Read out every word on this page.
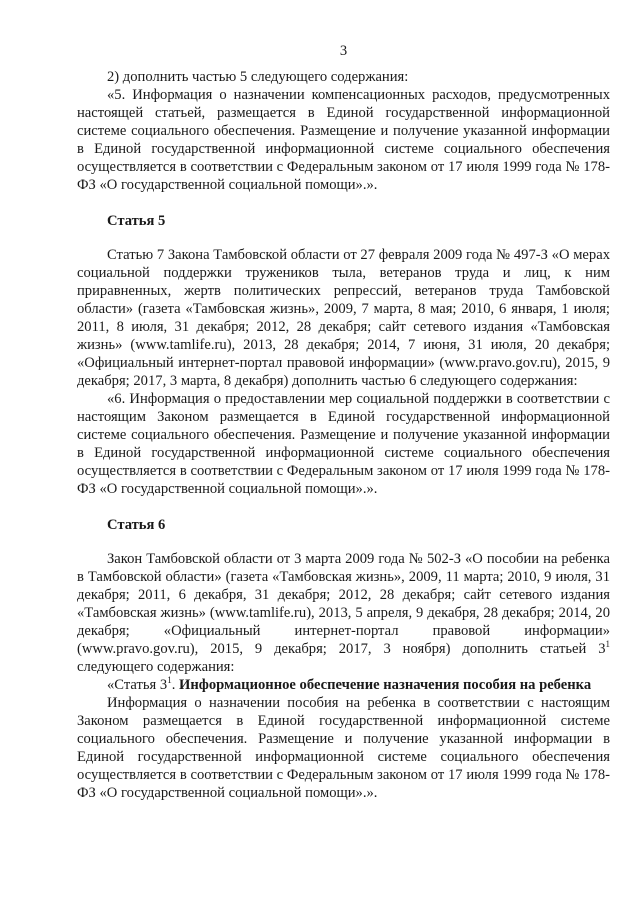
3

2) дополнить частью 5 следующего содержания:

«5. Информация о назначении компенсационных расходов, предусмотренных настоящей статьей, размещается в Единой государственной информационной системе социального обеспечения. Размещение и получение указанной информации в Единой государственной информационной системе социального обеспечения осуществляется в соответствии с Федеральным законом от 17 июля 1999 года № 178-ФЗ «О государственной социальной помощи».».

Статья 5

Статью 7 Закона Тамбовской области от 27 февраля 2009 года № 497-З «О мерах социальной поддержки тружеников тыла, ветеранов труда и лиц, к ним приравненных, жертв политических репрессий, ветеранов труда Тамбовской области» (газета «Тамбовская жизнь», 2009, 7 марта, 8 мая; 2010, 6 января, 1 июля; 2011, 8 июля, 31 декабря; 2012, 28 декабря; сайт сетевого издания «Тамбовская жизнь» (www.tamlife.ru), 2013, 28 декабря; 2014, 7 июня, 31 июля, 20 декабря; «Официальный интернет-портал правовой информации» (www.pravo.gov.ru), 2015, 9 декабря; 2017, 3 марта, 8 декабря) дополнить частью 6 следующего содержания:

«6. Информация о предоставлении мер социальной поддержки в соответствии с настоящим Законом размещается в Единой государственной информационной системе социального обеспечения. Размещение и получение указанной информации в Единой государственной информационной системе социального обеспечения осуществляется в соответствии с Федеральным законом от 17 июля 1999 года № 178-ФЗ «О государственной социальной помощи».».

Статья 6

Закон Тамбовской области от 3 марта 2009 года № 502-З «О пособии на ребенка в Тамбовской области» (газета «Тамбовская жизнь», 2009, 11 марта; 2010, 9 июля, 31 декабря; 2011, 6 декабря, 31 декабря; 2012, 28 декабря; сайт сетевого издания «Тамбовская жизнь» (www.tamlife.ru), 2013, 5 апреля, 9 декабря, 28 декабря; 2014, 20 декабря; «Официальный интернет-портал правовой информации» (www.pravo.gov.ru), 2015, 9 декабря; 2017, 3 ноября) дополнить статьей $3^1$ следующего содержания:

«Статья $3^1$. Информационное обеспечение назначения пособия на ребенка

Информация о назначении пособия на ребенка в соответствии с настоящим Законом размещается в Единой государственной информационной системе социального обеспечения. Размещение и получение указанной информации в Единой государственной информационной системе социального обеспечения осуществляется в соответствии с Федеральным законом от 17 июля 1999 года № 178-ФЗ «О государственной социальной помощи».».
